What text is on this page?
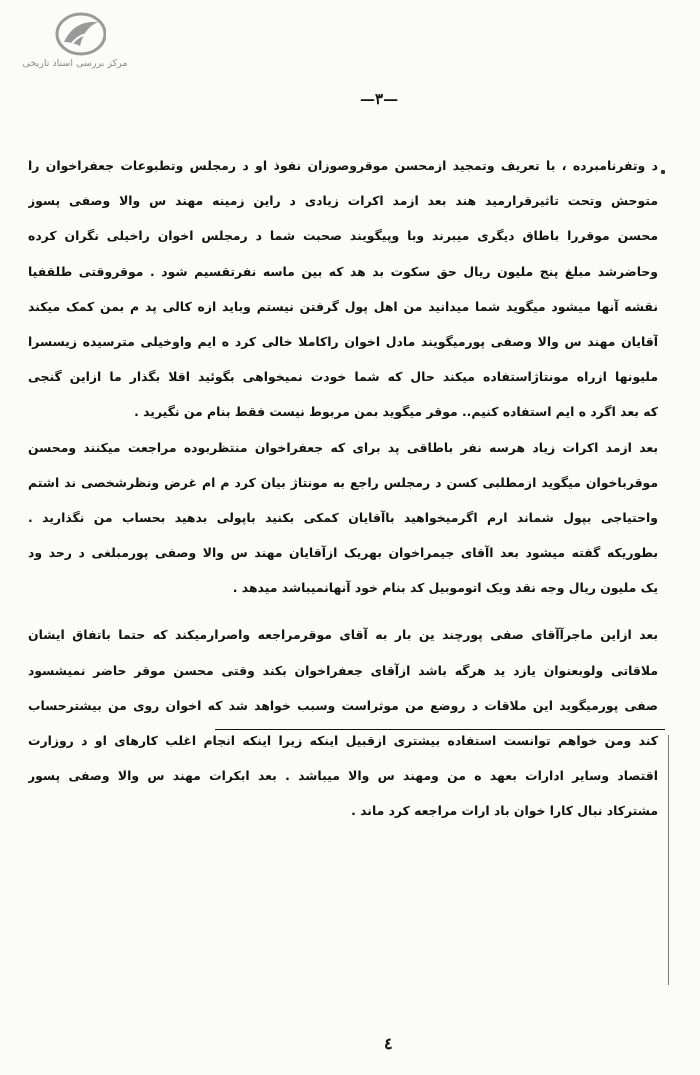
مرکز بررسی اسناد تاریخی
—٣—
د وتفرنامبرده ، با تعریف وتمجید ازمحسن موقروصوزان نفوذ او د رمجلس وتطبوعات جعفراخوان را
متوحش وتحت تاثیرقرارمید هند بعد ازمد اکرات زیادی د راین زمینه مهند س والا وصفی پسوز
محسن موقررا باطاق دیگری میبرند وبا وپیگویند صحبت شما د رمجلس اخوان راخیلی نگران کرده
وحاضرشد مبلغ پنج ملیون ریال حق سکوت بد هد که بین ماسه نفرتقسیم شود . موقروقتی طلقفیا
نقشه آنها میشود میگوید شما میدانید من اهل پول گرفتن نیستم وباید ازه کالی پد م بمن کمک میکند
آقایان مهند س والا وصفی پورمیگویند مادل اخوان راکاملا خالی کرد ه ایم واوخیلی مترسیده زیسسرا
ملیونها ازراه مونتاژاستفاده میکند حال که شما خودت نمیخواهی بگوئید اقلا بگذار ما ازاین گنجی
که بعد اگرد ه ایم استفاده کنیم.. موقر میگوید بمن مربوط نیست فقط بنام من نگیرید .
بعد ازمد اکرات زیاد هرسه نفر باطاقی پد برای که جعفراخوان منتظربوده مراجعت میکنند ومحسن
موقرباخوان میگوید ازمطلبی کسن د رمجلس راجع به مونتاژ بیان کرد م ام غرض ونظرشخصی ند اشتم
واحتیاجی بپول شماند ارم اگرمیخواهید باآقایان کمکی بکنید باپولی بدهید بحساب من نگذارید .
بطوریکه گفته میشود بعد اآقای جیمراخوان بهریک ازآقایان مهند س والا وصفی پورمبلغی د رحد ود
یک ملیون ریال وجه نقد ویک اتوموبیل کد بنام خود آنهانمیباشد میدهد .
بعد ازاین ماجرآآقای صفی پورچند ین بار به آقای موقرمراجعه واصرارمیکند که حتما باتفاق ایشان
ملاقاتی ولوبعنوان یازد ید هرگه باشد ازآقای جعفراخوان بکند وقتی محسن موقر حاضر نمیشسود
صفی پورمیگوید این ملاقات د روضع من موثراست وسبب خواهد شد که اخوان روی من بیشترحساب
کند ومن خواهم توانست استفاده بیشتری ازقبیل اینکه زیرا اینکه انجام اغلب کارهای او د روزارت
اقتصاد وسایر ادارات بعهد ه من ومهند س والا میباشد . بعد ابکرات مهند س والا وصفی پسور
مشترکاد نبال کارا خوان باد ارات مراجعه کرد ماند .
٤
